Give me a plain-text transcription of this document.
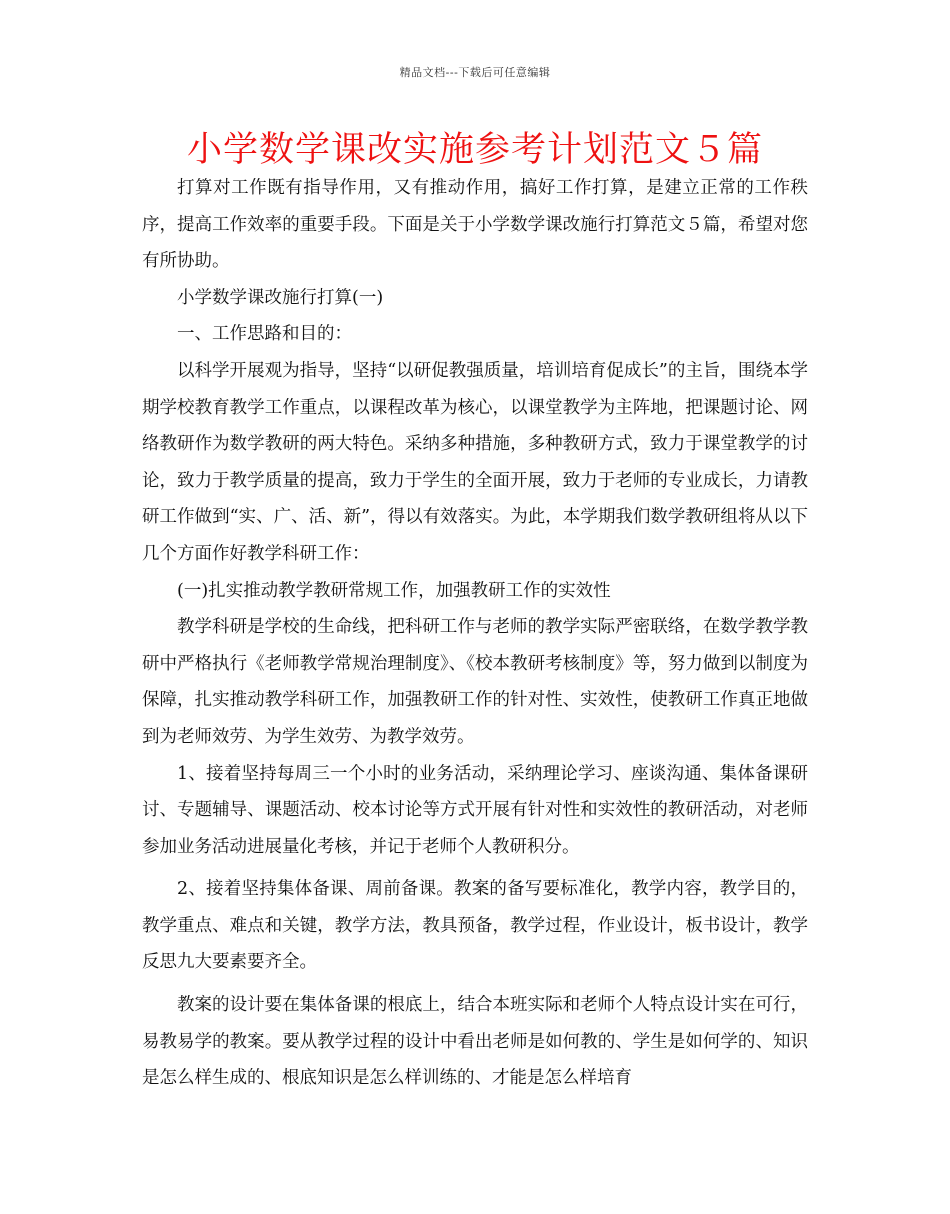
精品文档---下载后可任意编辑
小学数学课改实施参考计划范文５篇

打算对工作既有指导作用，又有推动作用，搞好工作打算，是建立正常的工作秩序，提高工作效率的重要手段。下面是关于小学数学课改施行打算范文５篇，希望对您有所协助。

小学数学课改施行打算(一)

一、工作思路和目的：

以科学开展观为指导，坚持“以研促教强质量，培训培育促成长”的主旨，围绕本学期学校教育教学工作重点，以课程改革为核心，以课堂教学为主阵地，把课题讨论、网络教研作为数学教研的两大特色。采纳多种措施，多种教研方式，致力于课堂教学的讨论，致力于教学质量的提高，致力于学生的全面开展，致力于老师的专业成长，力请教研工作做到“实、广、活、新”，得以有效落实。为此，本学期我们数学教研组将从以下几个方面作好教学科研工作：

(一)扎实推动教学教研常规工作，加强教研工作的实效性

教学科研是学校的生命线，把科研工作与老师的教学实际严密联络，在数学教学教研中严格执行《老师教学常规治理制度》、《校本教研考核制度》等，努力做到以制度为保障，扎实推动教学科研工作，加强教研工作的针对性、实效性，使教研工作真正地做到为老师效劳、为学生效劳、为教学效劳。

1、接着坚持每周三一个小时的业务活动，采纳理论学习、座谈沟通、集体备课研讨、专题辅导、课题活动、校本讨论等方式开展有针对性和实效性的教研活动，对老师参加业务活动进展量化考核，并记于老师个人教研积分。

2、接着坚持集体备课、周前备课。教案的备写要标准化，教学内容，教学目的，教学重点、难点和关键，教学方法，教具预备，教学过程，作业设计，板书设计，教学反思九大要素要齐全。

教案的设计要在集体备课的根底上，结合本班实际和老师个人特点设计实在可行，易教易学的教案。要从教学过程的设计中看出老师是如何教的、学生是如何学的、知识是怎么样生成的、根底知识是怎么样训练的、才能是怎么样培育
